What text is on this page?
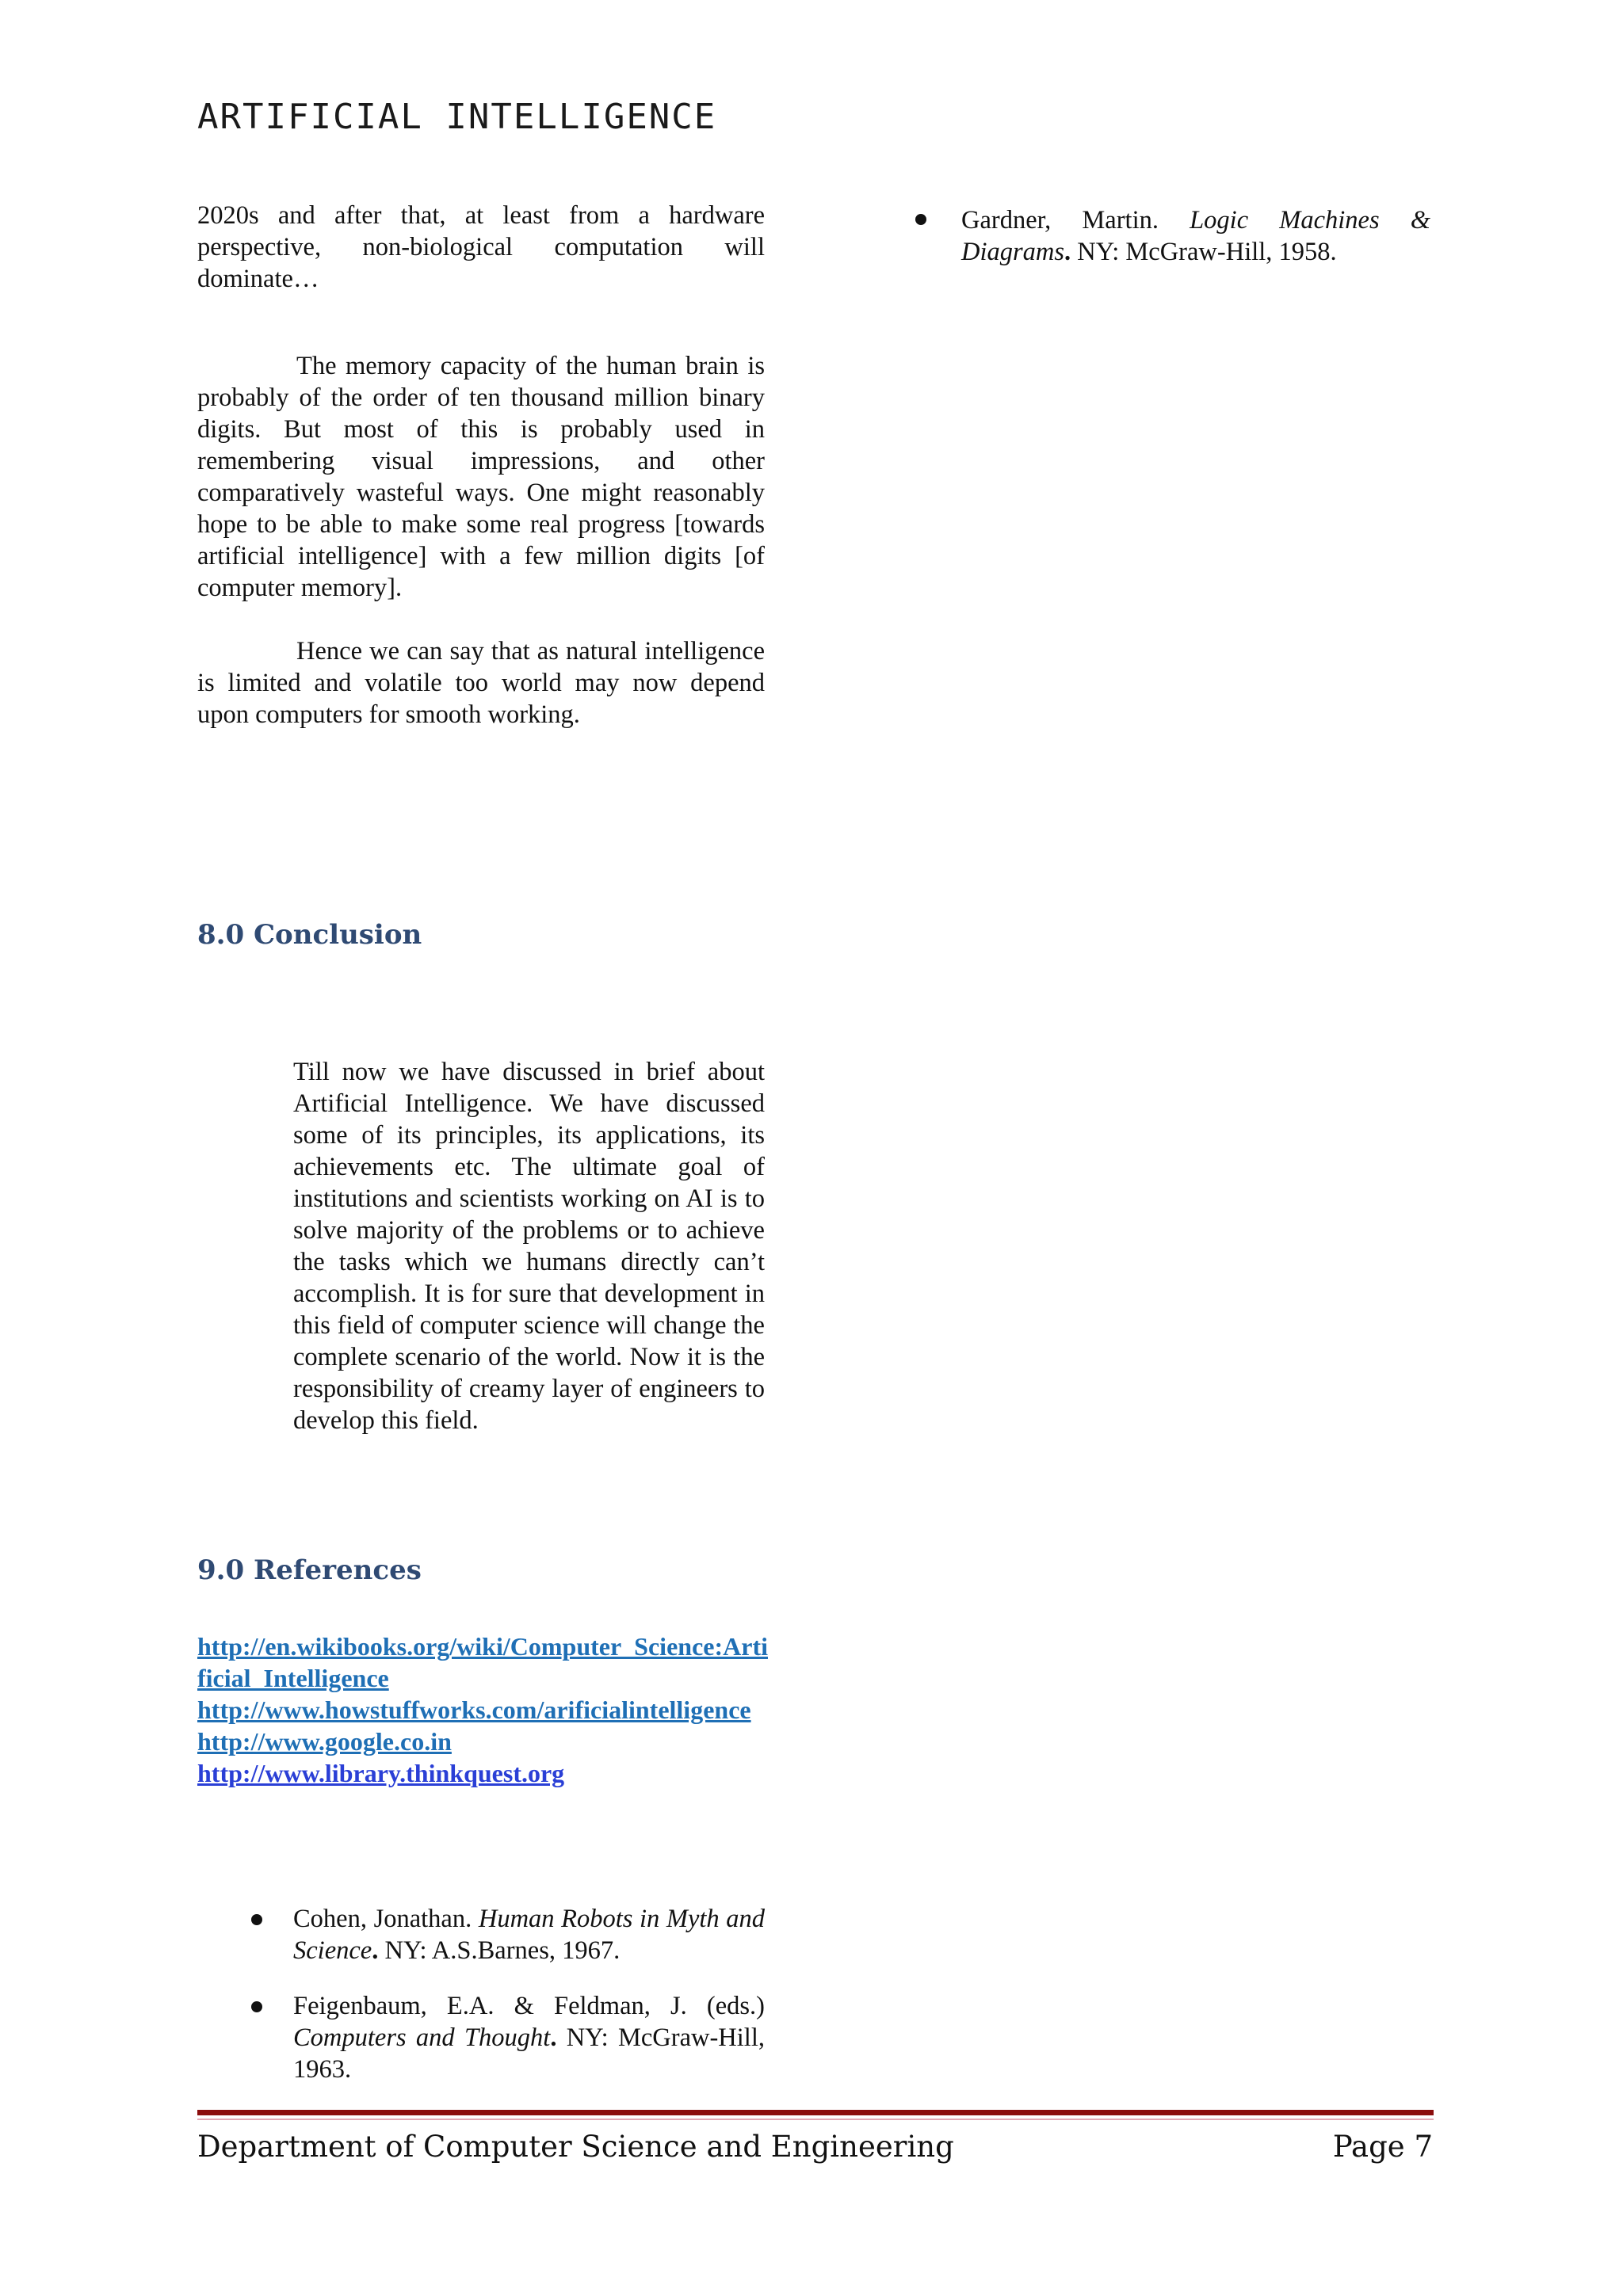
ARTIFICIAL INTELLIGENCE

2020s and after that, at least from a hardware perspective, non-biological computation will dominate…

The memory capacity of the human brain is probably of the order of ten thousand million binary digits. But most of this is probably used in remembering visual impressions, and other comparatively wasteful ways. One might reasonably hope to be able to make some real progress [towards artificial intelligence] with a few million digits [of computer memory].

Hence we can say that as natural intelligence is limited and volatile too world may now depend upon computers for smooth working.

8.0 Conclusion

Till now we have discussed in brief about Artificial Intelligence. We have discussed some of its principles, its applications, its achievements etc. The ultimate goal of institutions and scientists working on AI is to solve majority of the problems or to achieve the tasks which we humans directly can’t accomplish. It is for sure that development in this field of computer science will change the complete scenario of the world. Now it is the responsibility of creamy layer of engineers to develop this field.

9.0 References
http://en.wikibooks.org/wiki/Computer_Science:Artificial_Intelligence
http://www.howstuffworks.com/arificialintelligence
http://www.google.co.in
http://www.library.thinkquest.org

Cohen, Jonathan. Human Robots in Myth and Science. NY: A.S.Barnes, 1967.

Feigenbaum, E.A. & Feldman, J. (eds.) Computers and Thought. NY: McGraw-Hill, 1963.

Gardner, Martin. Logic Machines & Diagrams. NY: McGraw-Hill, 1958.

Department of Computer Science and Engineering	Page 7
